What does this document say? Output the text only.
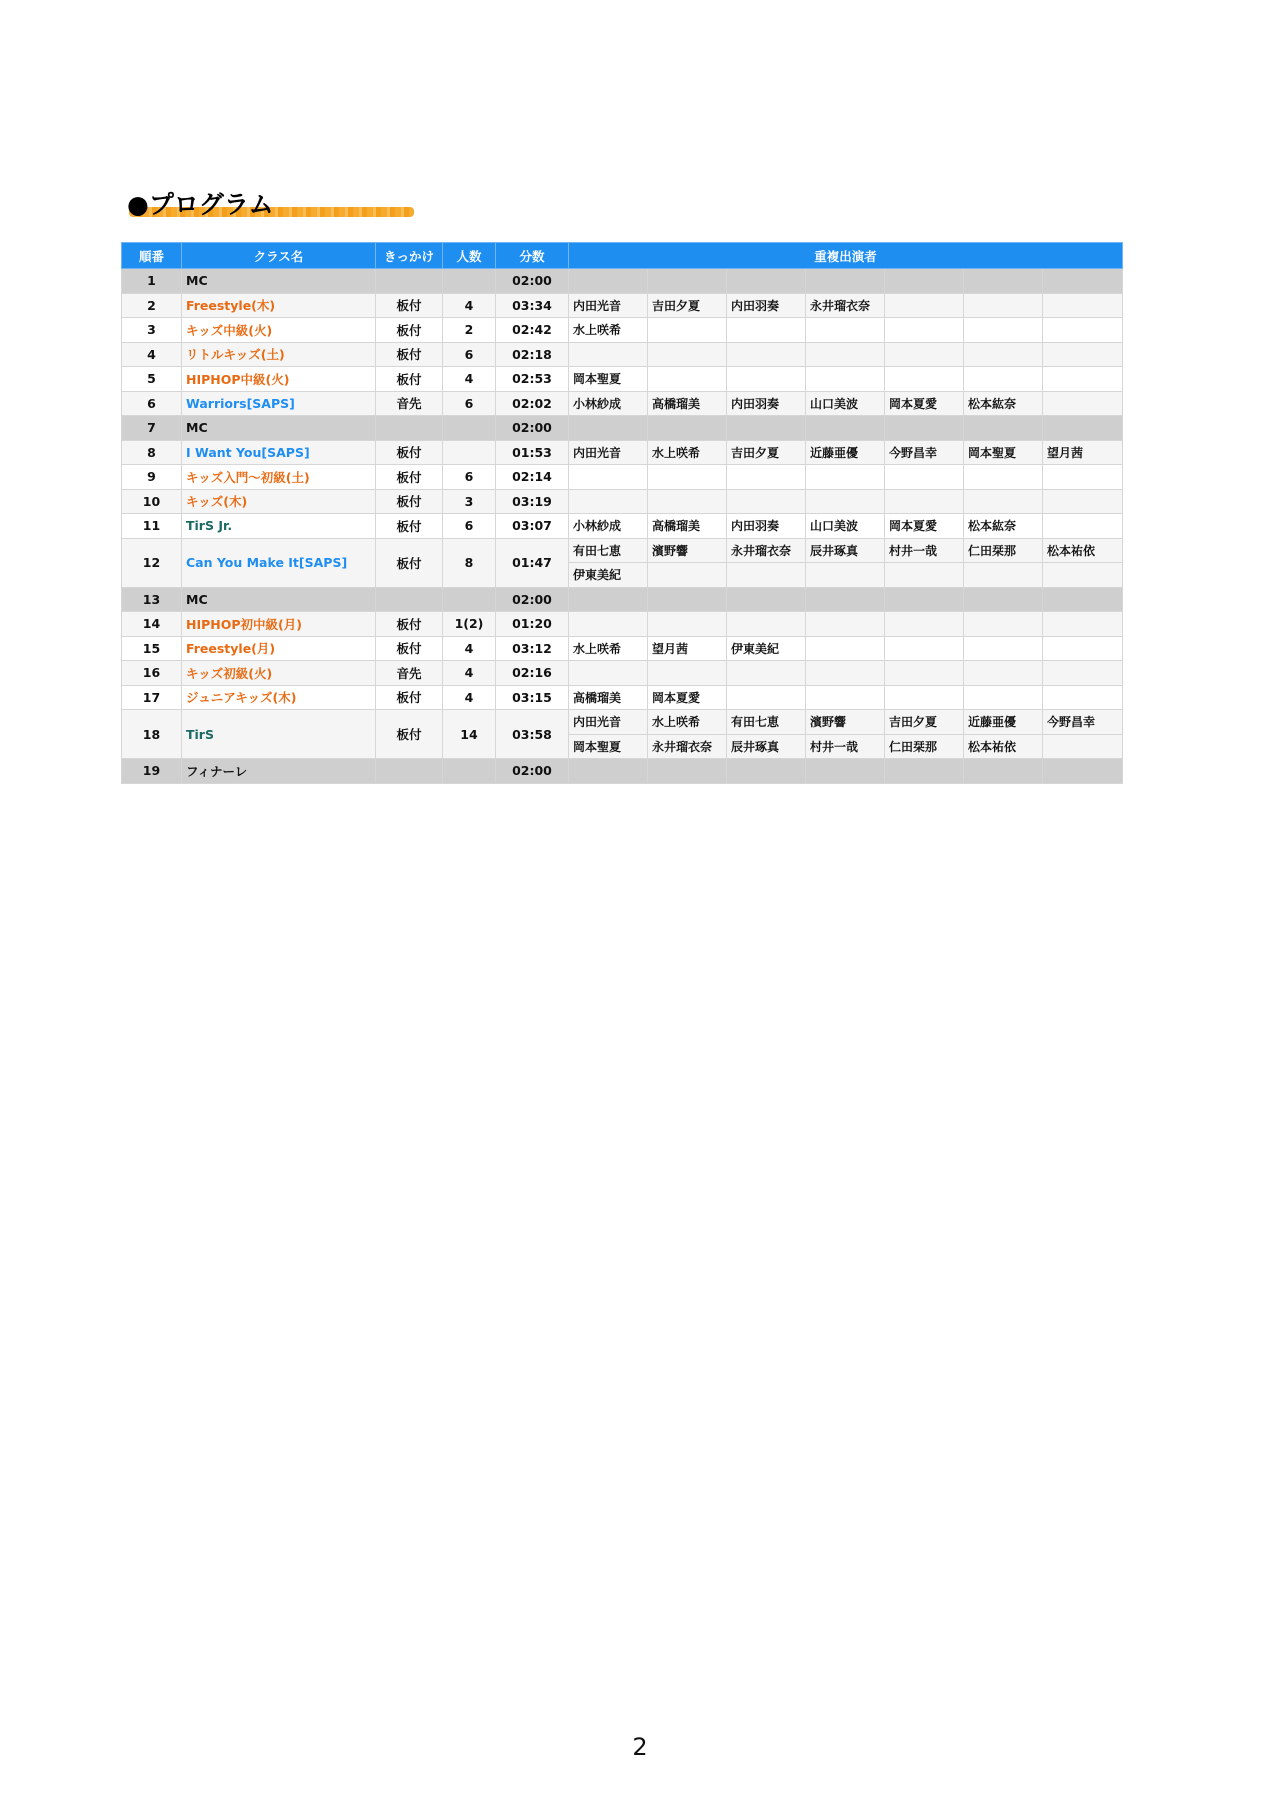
●プログラム
順番	クラス名	きっかけ	人数	分数	重複出演者						
1	MC			02:00							
2	Freestyle(木)	板付	4	03:34	内田光音	吉田夕夏	内田羽奏	永井瑠衣奈			
3	キッズ中級(火)	板付	2	02:42	水上咲希						
4	リトルキッズ(土)	板付	6	02:18							
5	HIPHOP中級(火)	板付	4	02:53	岡本聖夏						
6	Warriors[SAPS]	音先	6	02:02	小林紗成	高橋瑠美	内田羽奏	山口美波	岡本夏愛	松本紘奈	
7	MC			02:00							
8	I Want You[SAPS]	板付		01:53	内田光音	水上咲希	吉田夕夏	近藤亜優	今野昌幸	岡本聖夏	望月茜
9	キッズ入門〜初級(土)	板付	6	02:14							
10	キッズ(木)	板付	3	03:19							
11	TirS Jr.	板付	6	03:07	小林紗成	高橋瑠美	内田羽奏	山口美波	岡本夏愛	松本紘奈	
12	Can You Make It[SAPS]	板付	8	01:47	有田七恵	濱野響	永井瑠衣奈	辰井琢真	村井一哉	仁田栞那	松本祐依
					伊東美紀						
13	MC			02:00							
14	HIPHOP初中級(月)	板付	1(2)	01:20							
15	Freestyle(月)	板付	4	03:12	水上咲希	望月茜	伊東美紀				
16	キッズ初級(火)	音先	4	02:16							
17	ジュニアキッズ(木)	板付	4	03:15	高橋瑠美	岡本夏愛					
18	TirS	板付	14	03:58	内田光音	水上咲希	有田七恵	濱野響	吉田夕夏	近藤亜優	今野昌幸
					岡本聖夏	永井瑠衣奈	辰井琢真	村井一哉	仁田栞那	松本祐依	
19	フィナーレ			02:00							
2
